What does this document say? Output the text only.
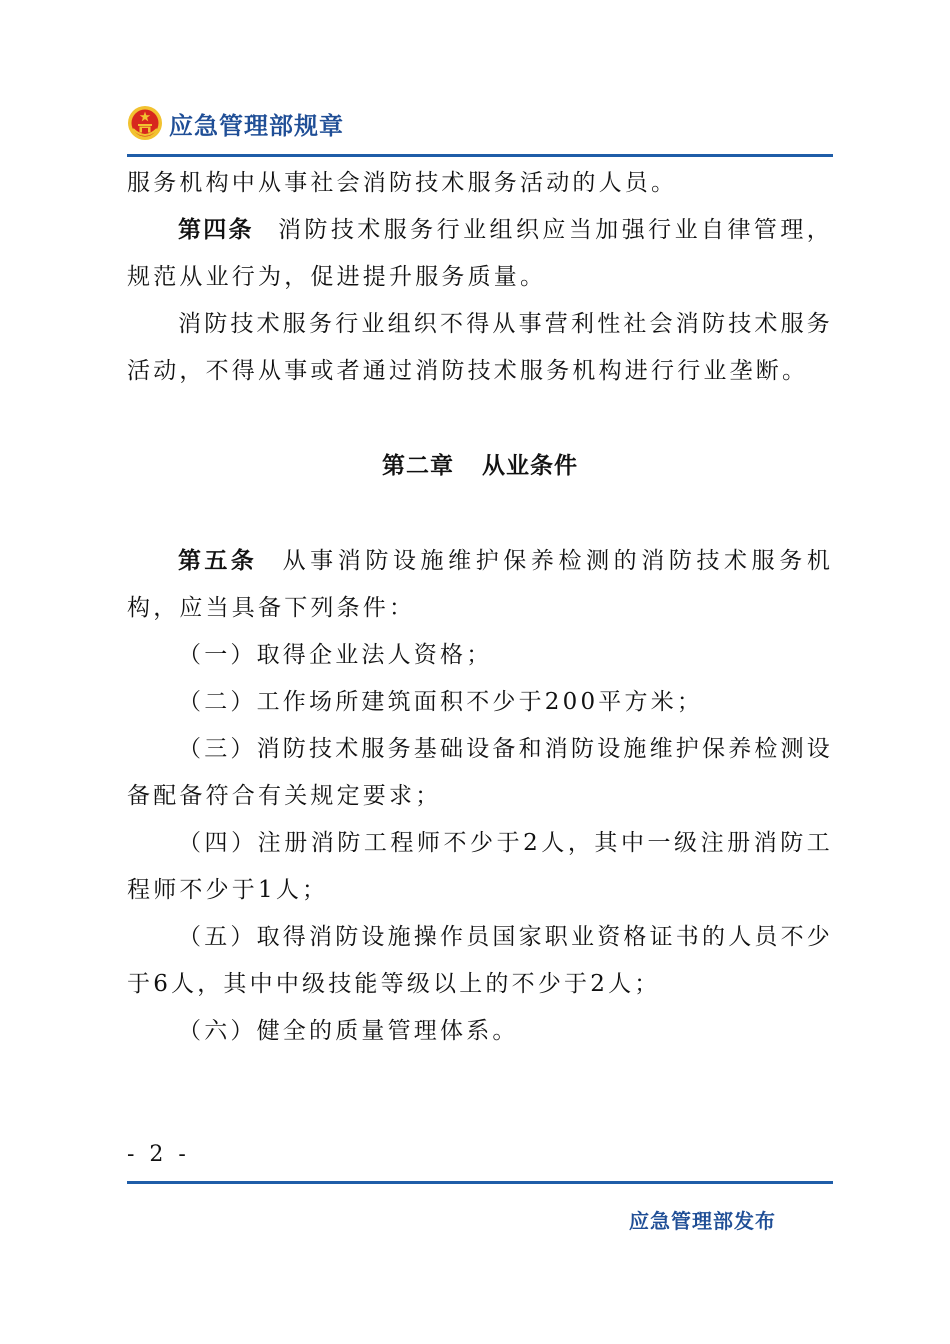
应急管理部规章

服务机构中从事社会消防技术服务活动的人员。

第四条 消防技术服务行业组织应当加强行业自律管理，规范从业行为，促进提升服务质量。

消防技术服务行业组织不得从事营利性社会消防技术服务活动，不得从事或者通过消防技术服务机构进行行业垄断。

第二章 从业条件

第五条 从事消防设施维护保养检测的消防技术服务机构，应当具备下列条件：

（一）取得企业法人资格；

（二）工作场所建筑面积不少于200平方米；

（三）消防技术服务基础设备和消防设施维护保养检测设备配备符合有关规定要求；

（四）注册消防工程师不少于2人，其中一级注册消防工程师不少于1人；

（五）取得消防设施操作员国家职业资格证书的人员不少于6人，其中中级技能等级以上的不少于2人；

（六）健全的质量管理体系。

- 2 -
应急管理部发布
